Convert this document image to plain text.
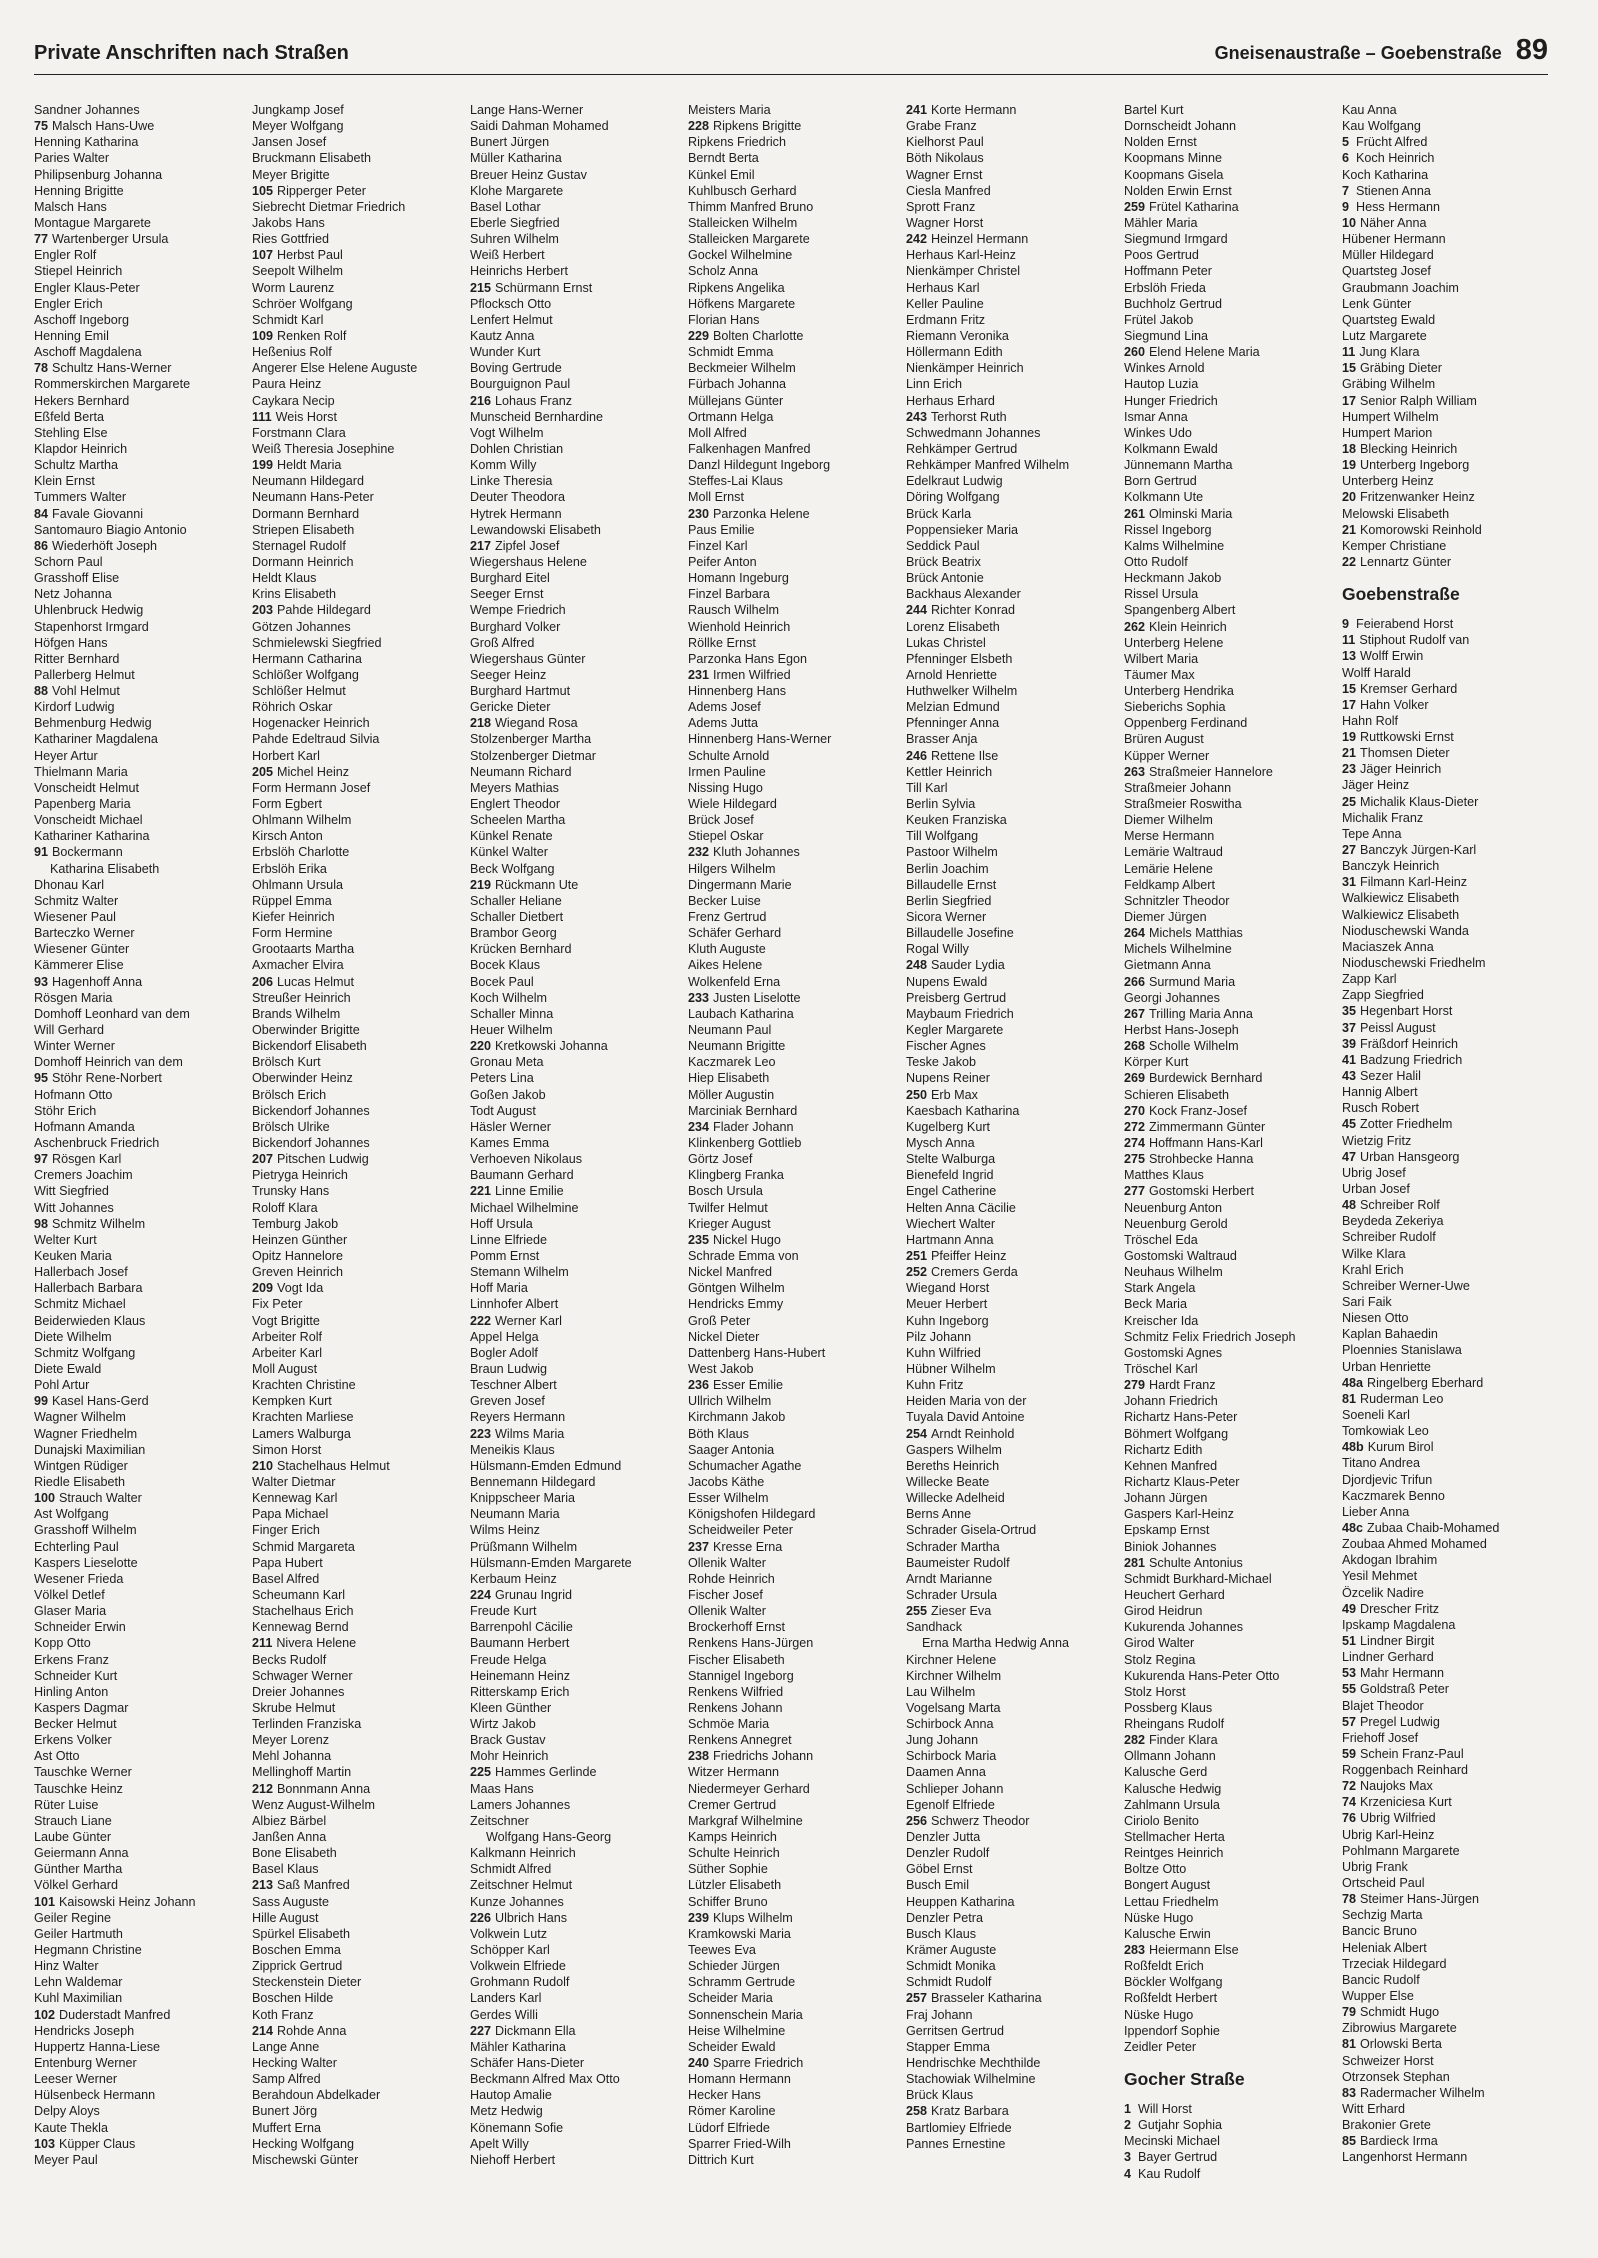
Private Anschriften nach Straßen	Gneisenaustraße – Goebenstraße 89
Sandner Johannes
75 Malsch Hans-Uwe
Henning Katharina
Paries Walter
Philipsenburg Johanna
Henning Brigitte
Malsch Hans
Montague Margarete
77 Wartenberger Ursula
Engler Rolf
Stiepel Heinrich
Engler Klaus-Peter
Engler Erich
Aschoff Ingeborg
Henning Emil
Aschoff Magdalena
78 Schultz Hans-Werner
Rommerskirchen Margarete
Hekers Bernhard
Eßfeld Berta
Stehling Else
Klapdor Heinrich
Schultz Martha
Klein Ernst
Tummers Walter
84 Favale Giovanni
Santomauro Biagio Antonio
86 Wiederhöft Joseph
Schorn Paul
Grasshoff Elise
Netz Johanna
Uhlenbruck Hedwig
Stapenhorst Irmgard
Höfgen Hans
Ritter Bernhard
Pallerberg Helmut
88 Vohl Helmut
Kirdorf Ludwig
Behmenburg Hedwig
Kathariner Magdalena
Heyer Artur
Thielmann Maria
Vonscheidt Helmut
Papenberg Maria
Vonscheidt Michael
Kathariner Katharina
91 Bockermann
Katharina Elisabeth
Dhonau Karl
Schmitz Walter
Wiesener Paul
Barteczko Werner
Wiesener Günter
Kämmerer Elise
93 Hagenhoff Anna
Rösgen Maria
Domhoff Leonhard van dem
Will Gerhard
Winter Werner
Domhoff Heinrich van dem
95 Stöhr Rene-Norbert
Hofmann Otto
Stöhr Erich
Hofmann Amanda
Aschenbruck Friedrich
97 Rösgen Karl
Cremers Joachim
Witt Siegfried
Witt Johannes
98 Schmitz Wilhelm
Welter Kurt
Keuken Maria
Hallerbach Josef
Hallerbach Barbara
Schmitz Michael
Beiderwieden Klaus
Diete Wilhelm
Schmitz Wolfgang
Diete Ewald
Pohl Artur
99 Kasel Hans-Gerd
Wagner Wilhelm
Wagner Friedhelm
Dunajski Maximilian
Wintgen Rüdiger
Riedle Elisabeth
100 Strauch Walter
Ast Wolfgang
Grasshoff Wilhelm
Echterling Paul
Kaspers Lieselotte
Wesener Frieda
Völkel Detlef
Glaser Maria
Schneider Erwin
Kopp Otto
Erkens Franz
Schneider Kurt
Hinling Anton
Kaspers Dagmar
Becker Helmut
Erkens Volker
Ast Otto
Tauschke Werner
Tauschke Heinz
Rüter Luise
Strauch Liane
Laube Günter
Geiermann Anna
Günther Martha
Völkel Gerhard
101 Kaisowski Heinz Johann
Geiler Regine
Geiler Hartmuth
Hegmann Christine
Hinz Walter
Lehn Waldemar
Kuhl Maximilian
102 Duderstadt Manfred
Hendricks Joseph
Huppertz Hanna-Liese
Entenburg Werner
Leeser Werner
Hülsenbeck Hermann
Delpy Aloys
Kaute Thekla
103 Küpper Claus
Meyer Paul
Jungkamp Josef
Meyer Wolfgang
Jansen Josef
Bruckmann Elisabeth
Meyer Brigitte
105 Ripperger Peter
Siebrecht Dietmar Friedrich
Jakobs Hans
Ries Gottfried
107 Herbst Paul
Seepolt Wilhelm
Worm Laurenz
Schröer Wolfgang
Schmidt Karl
109 Renken Rolf
Heßenius Rolf
Angerer Else Helene Auguste
Paura Heinz
Caykara Necip
111 Weis Horst
Forstmann Clara
Weiß Theresia Josephine
199 Heldt Maria
Neumann Hildegard
Neumann Hans-Peter
Dormann Bernhard
Striepen Elisabeth
Sternagel Rudolf
Dormann Heinrich
Heldt Klaus
Krins Elisabeth
203 Pahde Hildegard
Götzen Johannes
Schmielewski Siegfried
Hermann Catharina
Schlößer Wolfgang
Schlößer Helmut
Röhrich Oskar
Hogenacker Heinrich
Pahde Edeltraud Silvia
Horbert Karl
205 Michel Heinz
Form Hermann Josef
Form Egbert
Ohlmann Wilhelm
Kirsch Anton
Erbslöh Charlotte
Erbslöh Erika
Ohlmann Ursula
Rüppel Emma
Kiefer Heinrich
Form Hermine
Grootaarts Martha
Axmacher Elvira
206 Lucas Helmut
Streußer Heinrich
Brands Wilhelm
Oberwinder Brigitte
Bickendorf Elisabeth
Brölsch Kurt
Oberwinder Heinz
Brölsch Erich
Bickendorf Johannes
Brölsch Ulrike
Bickendorf Johannes
207 Pitschen Ludwig
Pietryga Heinrich
Trunsky Hans
Roloff Klara
Temburg Jakob
Heinzen Günther
Opitz Hannelore
Greven Heinrich
209 Vogt Ida
Fix Peter
Vogt Brigitte
Arbeiter Rolf
Arbeiter Karl
Moll August
Krachten Christine
Kempken Kurt
Krachten Marliese
Lamers Walburga
Simon Horst
210 Stachelhaus Helmut
Walter Dietmar
Kennewag Karl
Papa Michael
Finger Erich
Schmid Margareta
Papa Hubert
Basel Alfred
Scheumann Karl
Stachelhaus Erich
Kennewag Bernd
211 Nivera Helene
Becks Rudolf
Schwager Werner
Dreier Johannes
Skrube Helmut
Terlinden Franziska
Meyer Lorenz
Mehl Johanna
Mellinghoff Martin
212 Bonnmann Anna
Wenz August-Wilhelm
Albiez Bärbel
Janßen Anna
Bone Elisabeth
Basel Klaus
213 Saß Manfred
Sass Auguste
Hille August
Spürkel Elisabeth
Boschen Emma
Zipprick Gertrud
Steckenstein Dieter
Boschen Hilde
Koth Franz
214 Rohde Anna
Lange Anne
Hecking Walter
Samp Alfred
Berahdoun Abdelkader
Bunert Jörg
Muffert Erna
Hecking Wolfgang
Mischewski Günter
Lange Hans-Werner
Saidi Dahman Mohamed
Bunert Jürgen
Müller Katharina
Breuer Heinz Gustav
Klohe Margarete
Basel Lothar
Eberle Siegfried
Suhren Wilhelm
Weiß Herbert
Heinrichs Herbert
215 Schürmann Ernst
Pflocksch Otto
Lenfert Helmut
Kautz Anna
Wunder Kurt
Boving Gertrude
Bourguignon Paul
216 Lohaus Franz
Munscheid Bernhardine
Vogt Wilhelm
Dohlen Christian
Komm Willy
Linke Theresia
Deuter Theodora
Hytrek Hermann
Lewandowski Elisabeth
217 Zipfel Josef
Wiegershaus Helene
Burghard Eitel
Seeger Ernst
Wempe Friedrich
Burghard Volker
Groß Alfred
Wiegershaus Günter
Seeger Heinz
Burghard Hartmut
Gericke Dieter
218 Wiegand Rosa
Stolzenberger Martha
Stolzenberger Dietmar
Neumann Richard
Meyers Mathias
Englert Theodor
Scheelen Martha
Künkel Renate
Künkel Walter
Beck Wolfgang
219 Rückmann Ute
Schaller Heliane
Schaller Dietbert
Brambor Georg
Krücken Bernhard
Bocek Klaus
Bocek Paul
Koch Wilhelm
Schaller Minna
Heuer Wilhelm
220 Kretkowski Johanna
Gronau Meta
Peters Lina
Goßen Jakob
Todt August
Häsler Werner
Kames Emma
Verhoeven Nikolaus
Baumann Gerhard
221 Linne Emilie
Michael Wilhelmine
Hoff Ursula
Linne Elfriede
Pomm Ernst
Stemann Wilhelm
Hoff Maria
Linnhofer Albert
222 Werner Karl
Appel Helga
Bogler Adolf
Braun Ludwig
Teschner Albert
Greven Josef
Reyers Hermann
223 Wilms Maria
Meneikis Klaus
Hülsmann-Emden Edmund
Bennemann Hildegard
Knippscheer Maria
Neumann Maria
Wilms Heinz
Prüßmann Wilhelm
Hülsmann-Emden Margarete
Kerbaum Heinz
224 Grunau Ingrid
Freude Kurt
Barrenpohl Cäcilie
Baumann Herbert
Freude Helga
Heinemann Heinz
Ritterskamp Erich
Kleen Günther
Wirtz Jakob
Brack Gustav
Mohr Heinrich
225 Hammes Gerlinde
Maas Hans
Lamers Johannes
Zeitschner
Wolfgang Hans-Georg
Kalkmann Heinrich
Schmidt Alfred
Zeitschner Helmut
Kunze Johannes
226 Ulbrich Hans
Volkwein Lutz
Schöpper Karl
Volkwein Elfriede
Grohmann Rudolf
Landers Karl
Gerdes Willi
227 Dickmann Ella
Mähler Katharina
Schäfer Hans-Dieter
Beckmann Alfred Max Otto
Hautop Amalie
Metz Hedwig
Könemann Sofie
Apelt Willy
Niehoff Herbert
Meisters Maria
228 Ripkens Brigitte
Ripkens Friedrich
Berndt Berta
Künkel Emil
Kuhlbusch Gerhard
Thimm Manfred Bruno
Stalleicken Wilhelm
Stalleicken Margarete
Gockel Wilhelmine
Scholz Anna
Ripkens Angelika
Höfkens Margarete
Florian Hans
229 Bolten Charlotte
Schmidt Emma
Beckmeier Wilhelm
Fürbach Johanna
Müllejans Günter
Ortmann Helga
Moll Alfred
Falkenhagen Manfred
Danzl Hildegunt Ingeborg
Steffes-Lai Klaus
Moll Ernst
230 Parzonka Helene
Paus Emilie
Finzel Karl
Peifer Anton
Homann Ingeburg
Finzel Barbara
Rausch Wilhelm
Wienhold Heinrich
Röllke Ernst
Parzonka Hans Egon
231 Irmen Wilfried
Hinnenberg Hans
Adems Josef
Adems Jutta
Hinnenberg Hans-Werner
Schulte Arnold
Irmen Pauline
Nissing Hugo
Wiele Hildegard
Brück Josef
Stiepel Oskar
232 Kluth Johannes
Hilgers Wilhelm
Dingermann Marie
Becker Luise
Frenz Gertrud
Schäfer Gerhard
Kluth Auguste
Aikes Helene
Wolkenfeld Erna
233 Justen Liselotte
Laubach Katharina
Neumann Paul
Neumann Brigitte
Kaczmarek Leo
Hiep Elisabeth
Möller Augustin
Marciniak Bernhard
234 Flader Johann
Klinkenberg Gottlieb
Görtz Josef
Klingberg Franka
Bosch Ursula
Twilfer Helmut
Krieger August
235 Nickel Hugo
Schrade Emma von
Nickel Manfred
Göntgen Wilhelm
Hendricks Emmy
Groß Peter
Nickel Dieter
Dattenberg Hans-Hubert
West Jakob
236 Esser Emilie
Ullrich Wilhelm
Kirchmann Jakob
Böth Klaus
Saager Antonia
Schumacher Agathe
Jacobs Käthe
Esser Wilhelm
Königshofen Hildegard
Scheidweiler Peter
237 Kresse Erna
Ollenik Walter
Rohde Heinrich
Fischer Josef
Ollenik Walter
Brockerhoff Ernst
Renkens Hans-Jürgen
Fischer Elisabeth
Stannigel Ingeborg
Renkens Wilfried
Renkens Johann
Schmöe Maria
Renkens Annegret
238 Friedrichs Johann
Witzer Hermann
Niedermeyer Gerhard
Cremer Gertrud
Markgraf Wilhelmine
Kamps Heinrich
Schulte Heinrich
Süther Sophie
Lützler Elisabeth
Schiffer Bruno
239 Klups Wilhelm
Kramkowski Maria
Teewes Eva
Schieder Jürgen
Schramm Gertrude
Scheider Maria
Sonnenschein Maria
Heise Wilhelmine
Scheider Ewald
240 Sparre Friedrich
Homann Hermann
Hecker Hans
Römer Karoline
Lüdorf Elfriede
Sparrer Fried-Wilh
Dittrich Kurt
241 Korte Hermann
Grabe Franz
Kielhorst Paul
Böth Nikolaus
Wagner Ernst
Ciesla Manfred
Sprott Franz
Wagner Horst
242 Heinzel Hermann
Herhaus Karl-Heinz
Nienkämper Christel
Herhaus Karl
Keller Pauline
Erdmann Fritz
Riemann Veronika
Höllermann Edith
Nienkämper Heinrich
Linn Erich
Herhaus Erhard
243 Terhorst Ruth
Schwedmann Johannes
Rehkämper Gertrud
Rehkämper Manfred Wilhelm
Edelkraut Ludwig
Döring Wolfgang
Brück Karla
Poppensieker Maria
Seddick Paul
Brück Beatrix
Brück Antonie
Backhaus Alexander
244 Richter Konrad
Lorenz Elisabeth
Lukas Christel
Pfenninger Elsbeth
Arnold Henriette
Huthwelker Wilhelm
Melzian Edmund
Pfenninger Anna
Brasser Anja
246 Rettene Ilse
Kettler Heinrich
Till Karl
Berlin Sylvia
Keuken Franziska
Till Wolfgang
Pastoor Wilhelm
Berlin Joachim
Billaudelle Ernst
Berlin Siegfried
Sicora Werner
Billaudelle Josefine
Rogal Willy
248 Sauder Lydia
Nupens Ewald
Preisberg Gertrud
Maybaum Friedrich
Kegler Margarete
Fischer Agnes
Teske Jakob
Nupens Reiner
250 Erb Max
Kaesbach Katharina
Kugelberg Kurt
Mysch Anna
Stelte Walburga
Bienefeld Ingrid
Engel Catherine
Helten Anna Cäcilie
Wiechert Walter
Hartmann Anna
251 Pfeiffer Heinz
252 Cremers Gerda
Wiegand Horst
Meuer Herbert
Kuhn Ingeborg
Pilz Johann
Kuhn Wilfried
Hübner Wilhelm
Kuhn Fritz
Heiden Maria von der
Tuyala David Antoine
254 Arndt Reinhold
Gaspers Wilhelm
Bereths Heinrich
Willecke Beate
Willecke Adelheid
Berns Anne
Schrader Gisela-Ortrud
Schrader Martha
Baumeister Rudolf
Arndt Marianne
Schrader Ursula
255 Zieser Eva
Sandhack
Erna Martha Hedwig Anna
Kirchner Helene
Kirchner Wilhelm
Lau Wilhelm
Vogelsang Marta
Schirbock Anna
Jung Johann
Schirbock Maria
Daamen Anna
Schlieper Johann
Egenolf Elfriede
256 Schwerz Theodor
Denzler Jutta
Denzler Rudolf
Göbel Ernst
Busch Emil
Heuppen Katharina
Denzler Petra
Busch Klaus
Krämer Auguste
Schmidt Monika
Schmidt Rudolf
257 Brasseler Katharina
Fraj Johann
Gerritsen Gertrud
Stapper Emma
Hendrischke Mechthilde
Stachowiak Wilhelmine
Brück Klaus
258 Kratz Barbara
Bartlomiey Elfriede
Pannes Ernestine
Bartel Kurt
Dornscheidt Johann
Nolden Ernst
Koopmans Minne
Koopmans Gisela
Nolden Erwin Ernst
259 Frütel Katharina
Mähler Maria
Siegmund Irmgard
Poos Gertrud
Hoffmann Peter
Erbslöh Frieda
Buchholz Gertrud
Frütel Jakob
Siegmund Lina
260 Elend Helene Maria
Winkes Arnold
Hautop Luzia
Hunger Friedrich
Ismar Anna
Winkes Udo
Kolkmann Ewald
Jünnemann Martha
Born Gertrud
Kolkmann Ute
261 Olminski Maria
Rissel Ingeborg
Kalms Wilhelmine
Otto Rudolf
Heckmann Jakob
Rissel Ursula
Spangenberg Albert
262 Klein Heinrich
Unterberg Helene
Wilbert Maria
Täumer Max
Unterberg Hendrika
Sieberichs Sophia
Oppenberg Ferdinand
Brüren August
Küpper Werner
263 Straßmeier Hannelore
Straßmeier Johann
Straßmeier Roswitha
Diemer Wilhelm
Merse Hermann
Lemärie Waltraud
Lemärie Helene
Feldkamp Albert
Schnitzler Theodor
Diemer Jürgen
264 Michels Matthias
Michels Wilhelmine
Gietmann Anna
266 Surmund Maria
Georgi Johannes
267 Trilling Maria Anna
Herbst Hans-Joseph
268 Scholle Wilhelm
Körper Kurt
269 Burdewick Bernhard
Schieren Elisabeth
270 Kock Franz-Josef
272 Zimmermann Günter
274 Hoffmann Hans-Karl
275 Strohbecke Hanna
Matthes Klaus
277 Gostomski Herbert
Neuenburg Anton
Neuenburg Gerold
Tröschel Eda
Gostomski Waltraud
Neuhaus Wilhelm
Stark Angela
Beck Maria
Kreischer Ida
Schmitz Felix Friedrich Joseph
Gostomski Agnes
Tröschel Karl
279 Hardt Franz
Johann Friedrich
Richartz Hans-Peter
Böhmert Wolfgang
Richartz Edith
Kehnen Manfred
Richartz Klaus-Peter
Johann Jürgen
Gaspers Karl-Heinz
Epskamp Ernst
Biniok Johannes
281 Schulte Antonius
Schmidt Burkhard-Michael
Heuchert Gerhard
Girod Heidrun
Kukurenda Johannes
Girod Walter
Stolz Regina
Kukurenda Hans-Peter Otto
Stolz Horst
Possberg Klaus
Rheingans Rudolf
282 Finder Klara
Ollmann Johann
Kalusche Gerd
Kalusche Hedwig
Zahlmann Ursula
Ciriolo Benito
Stellmacher Herta
Reintges Heinrich
Boltze Otto
Bongert August
Lettau Friedhelm
Nüske Hugo
Kalusche Erwin
283 Heiermann Else
Roßfeldt Erich
Böckler Wolfgang
Roßfeldt Herbert
Nüske Hugo
Ippendorf Sophie
Zeidler Peter
Gocher Straße
1 Will Horst
2 Gutjahr Sophia
Mecinski Michael
3 Bayer Gertrud
4 Kau Rudolf
Kau Anna
Kau Wolfgang
5 Frücht Alfred
6 Koch Heinrich
Koch Katharina
7 Stienen Anna
9 Hess Hermann
10 Näher Anna
Hübener Hermann
Müller Hildegard
Quartsteg Josef
Graubmann Joachim
Lenk Günter
Quartsteg Ewald
Lutz Margarete
11 Jung Klara
15 Gräbing Dieter
Gräbing Wilhelm
17 Senior Ralph William
Humpert Wilhelm
Humpert Marion
18 Blecking Heinrich
19 Unterberg Ingeborg
Unterberg Heinz
20 Fritzenwanker Heinz
Melowski Elisabeth
21 Komorowski Reinhold
Kemper Christiane
22 Lennartz Günter
Goebenstraße
9 Feierabend Horst
11 Stiphout Rudolf van
13 Wolff Erwin
Wolff Harald
15 Kremser Gerhard
17 Hahn Volker
Hahn Rolf
19 Ruttkowski Ernst
21 Thomsen Dieter
23 Jäger Heinrich
Jäger Heinz
25 Michalik Klaus-Dieter
Michalik Franz
Tepe Anna
27 Banczyk Jürgen-Karl
Banczyk Heinrich
31 Filmann Karl-Heinz
Walkiewicz Elisabeth
Walkiewicz Elisabeth
Nioduschewski Wanda
Maciaszek Anna
Nioduschewski Friedhelm
Zapp Karl
Zapp Siegfried
35 Hegenbart Horst
37 Peissl August
39 Fräßdorf Heinrich
41 Badzung Friedrich
43 Sezer Halil
Hannig Albert
Rusch Robert
45 Zotter Friedhelm
Wietzig Fritz
47 Urban Hansgeorg
Ubrig Josef
Urban Josef
48 Schreiber Rolf
Beydeda Zekeriya
Schreiber Rudolf
Wilke Klara
Krahl Erich
Schreiber Werner-Uwe
Sari Faik
Niesen Otto
Kaplan Bahaedin
Ploennies Stanislawa
Urban Henriette
48a Ringelberg Eberhard
81 Ruderman Leo
Soeneli Karl
Tomkowiak Leo
48b Kurum Birol
Titano Andrea
Djordjevic Trifun
Kaczmarek Benno
Lieber Anna
48c Zubaa Chaib-Mohamed
Zoubaa Ahmed Mohamed
Akdogan Ibrahim
Yesil Mehmet
Özcelik Nadire
49 Drescher Fritz
Ipskamp Magdalena
51 Lindner Birgit
Lindner Gerhard
53 Mahr Hermann
55 Goldstraß Peter
Blajet Theodor
57 Pregel Ludwig
Friehoff Josef
59 Schein Franz-Paul
Roggenbach Reinhard
72 Naujoks Max
74 Krzeniciesa Kurt
76 Ubrig Wilfried
Ubrig Karl-Heinz
Pohlmann Margarete
Ubrig Frank
Ortscheid Paul
78 Steimer Hans-Jürgen
Sechzig Marta
Bancic Bruno
Heleniak Albert
Trzeciak Hildegard
Bancic Rudolf
Wupper Else
79 Schmidt Hugo
Zibrowius Margarete
81 Orlowski Berta
Schweizer Horst
Otrzonsek Stephan
83 Radermacher Wilhelm
Witt Erhard
Brakonier Grete
85 Bardieck Irma
Langenhorst Hermann
